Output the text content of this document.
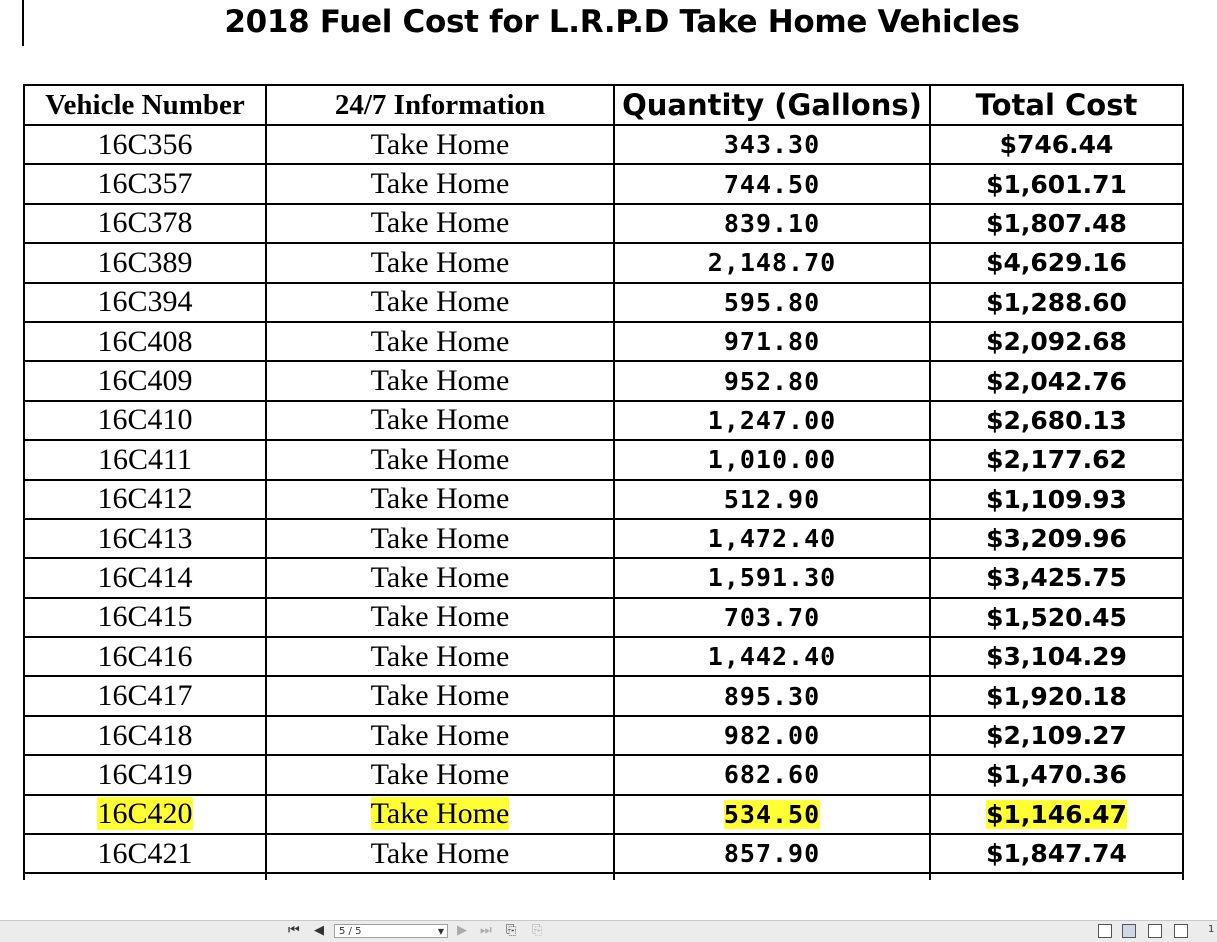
2018 Fuel Cost for L.R.P.D Take Home Vehicles
Vehicle Number	24/7 Information	Quantity (Gallons)	Total Cost
16C356	Take Home	343.30	$746.44
16C357	Take Home	744.50	$1,601.71
16C378	Take Home	839.10	$1,807.48
16C389	Take Home	2,148.70	$4,629.16
16C394	Take Home	595.80	$1,288.60
16C408	Take Home	971.80	$2,092.68
16C409	Take Home	952.80	$2,042.76
16C410	Take Home	1,247.00	$2,680.13
16C411	Take Home	1,010.00	$2,177.62
16C412	Take Home	512.90	$1,109.93
16C413	Take Home	1,472.40	$3,209.96
16C414	Take Home	1,591.30	$3,425.75
16C415	Take Home	703.70	$1,520.45
16C416	Take Home	1,442.40	$3,104.29
16C417	Take Home	895.30	$1,920.18
16C418	Take Home	982.00	$2,109.27
16C419	Take Home	682.60	$1,470.36
16C420	Take Home	534.50	$1,146.47
16C421	Take Home	857.90	$1,847.74

⏮ ◀	5 / 5	▼ ▶ ⏭ ⎘ ⎘	1
